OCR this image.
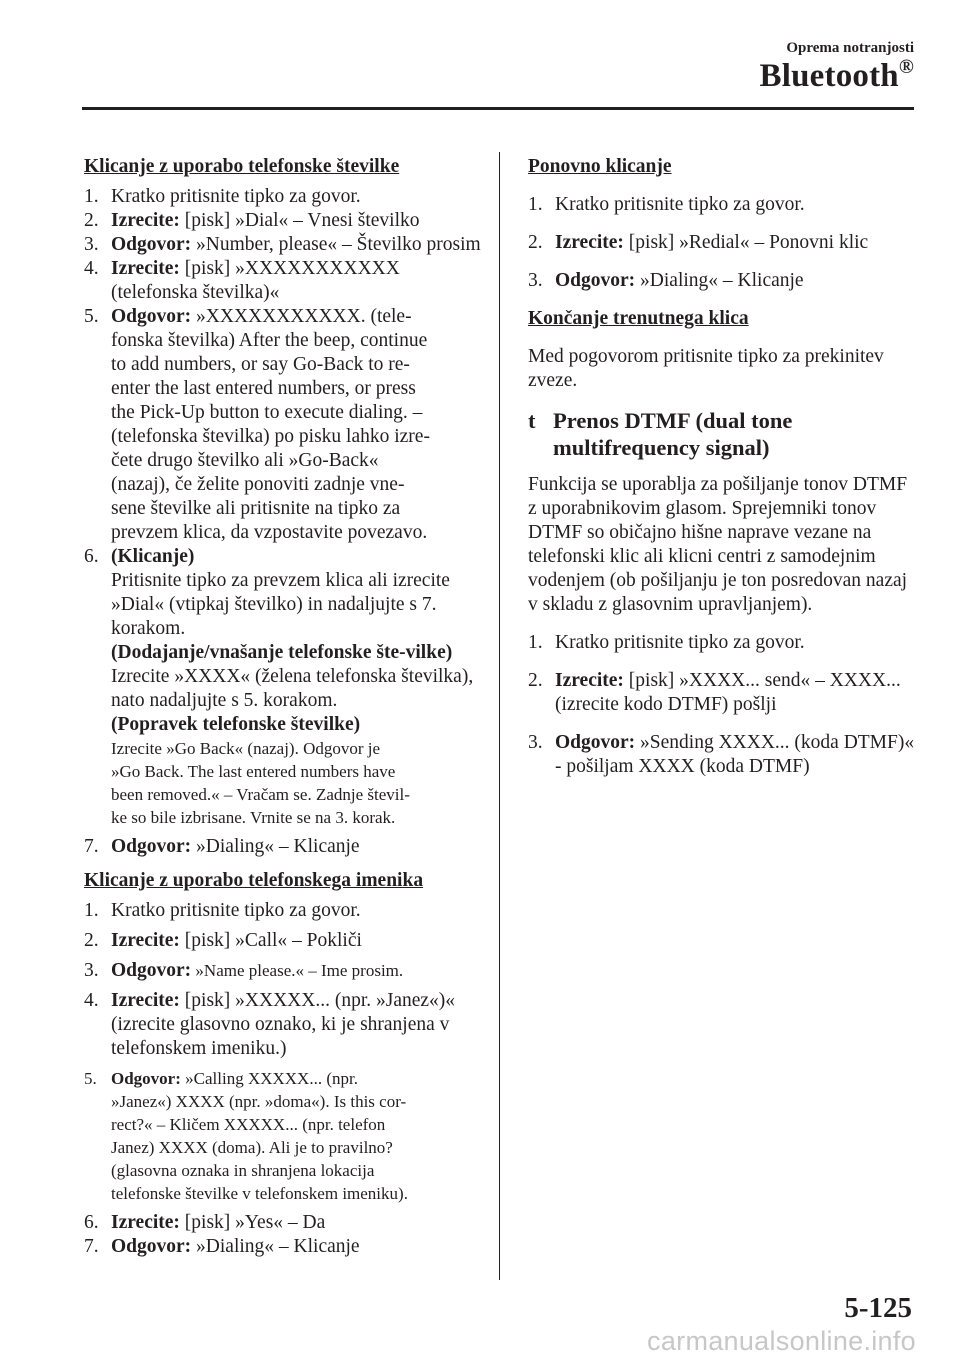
Oprema notranjosti
Bluetooth®
Klicanje z uporabo telefonske številke
1. Kratko pritisnite tipko za govor.
2. Izrecite: [pisk] »Dial« – Vnesi številko
3. Odgovor: »Number, please« – Številko prosim
4. Izrecite: [pisk] »XXXXXXXXXXX (telefonska številka)«
5. Odgovor: »XXXXXXXXXXX. (tele-
fonska številka) After the beep, continue
to add numbers, or say Go-Back to re-
enter the last entered numbers, or press
the Pick-Up button to execute dialing. –
(telefonska številka) po pisku lahko izre-
čete drugo številko ali »Go-Back«
(nazaj), če želite ponoviti zadnje vne-
sene številke ali pritisnite na tipko za
prevzem klica, da vzpostavite povezavo.
6. (Klicanje)
Pritisnite tipko za prevzem klica ali izrecite »Dial« (vtipkaj številko) in nadaljujte s 7. korakom.
(Dodajanje/vnašanje telefonske šte-vilke)
Izrecite »XXXX« (želena telefonska številka), nato nadaljujte s 5. korakom.
(Popravek telefonske številke)
Izrecite »Go Back« (nazaj). Odgovor je
»Go Back. The last entered numbers have
been removed.« – Vračam se. Zadnje števil-
ke so bile izbrisane. Vrnite se na 3. korak.
7. Odgovor: »Dialing« – Klicanje
Klicanje z uporabo telefonskega imenika
1. Kratko pritisnite tipko za govor.
2. Izrecite: [pisk] »Call« – Pokliči
3. Odgovor: »Name please.« – Ime prosim.
4. Izrecite: [pisk] »XXXXX... (npr. »Janez«)« (izrecite glasovno oznako, ki je shranjena v telefonskem imeniku.)
5. Odgovor: »Calling XXXXX... (npr.
»Janez«) XXXX (npr. »doma«). Is this cor-
rect?« – Kličem XXXXX... (npr. telefon
Janez) XXXX (doma). Ali je to pravilno?
(glasovna oznaka in shranjena lokacija
telefonske številke v telefonskem imeniku).
6. Izrecite: [pisk] »Yes« – Da
7. Odgovor: »Dialing« – Klicanje
Ponovno klicanje
1. Kratko pritisnite tipko za govor.
2. Izrecite: [pisk] »Redial« – Ponovni klic
3. Odgovor: »Dialing« – Klicanje
Končanje trenutnega klica

Med pogovorom pritisnite tipko za prekinitev zveze.

t Prenos DTMF (dual tone multifrequency signal)

Funkcija se uporablja za pošiljanje tonov DTMF z uporabnikovim glasom. Sprejemniki tonov DTMF so običajno hišne naprave vezane na telefonski klic ali klicni centri z samodejnim vodenjem (ob pošiljanju je ton posredovan nazaj v skladu z glasovnim upravljanjem).

1. Kratko pritisnite tipko za govor.
2. Izrecite: [pisk] »XXXX... send« – XXXX... (izrecite kodo DTMF) pošlji
3. Odgovor: »Sending XXXX... (koda DTMF)« - pošiljam XXXX (koda DTMF)
5-125
carmanualsonline.info
